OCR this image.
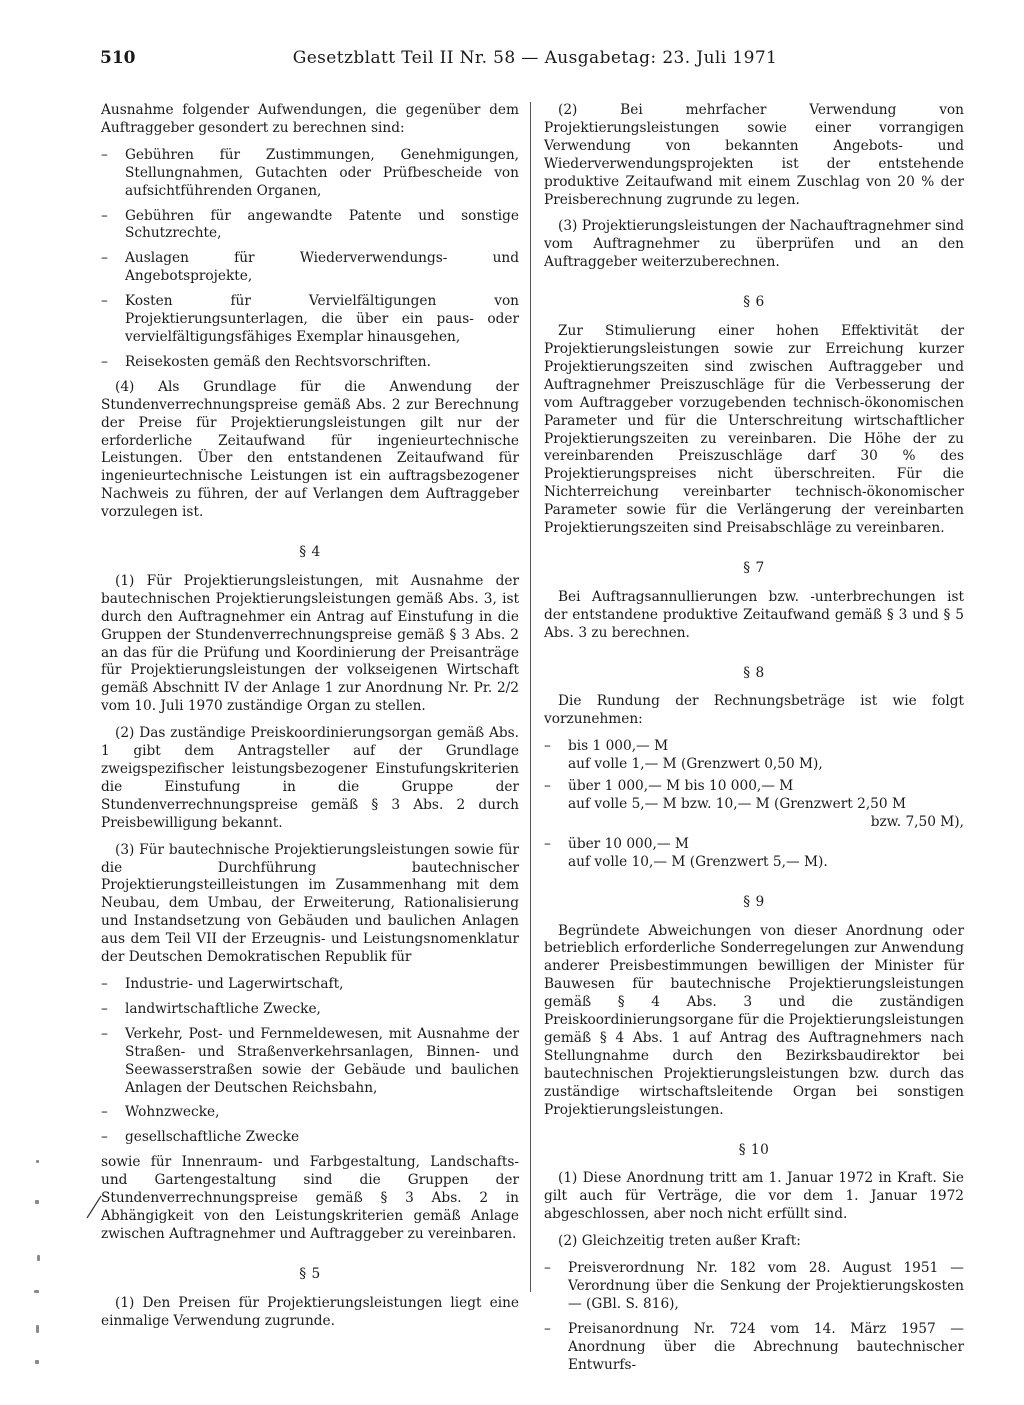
510	Gesetzblatt Teil II Nr. 58 — Ausgabetag: 23. Juli 1971

Ausnahme folgender Aufwendungen, die gegenüber dem Auftraggeber gesondert zu berechnen sind:

– Gebühren für Zustimmungen, Genehmigungen, Stellungnahmen, Gutachten oder Prüfbescheide von aufsichtführenden Organen,
– Gebühren für angewandte Patente und sonstige Schutzrechte,
– Auslagen für Wiederverwendungs- und Angebotsprojekte,
– Kosten für Vervielfältigungen von Projektierungsunterlagen, die über ein paus- oder vervielfältigungsfähiges Exemplar hinausgehen,
– Reisekosten gemäß den Rechtsvorschriften.

(4) Als Grundlage für die Anwendung der Stundenverrechnungspreise gemäß Abs. 2 zur Berechnung der Preise für Projektierungsleistungen gilt nur der erforderliche Zeitaufwand für ingenieurtechnische Leistungen. Über den entstandenen Zeitaufwand für ingenieurtechnische Leistungen ist ein auftragsbezogener Nachweis zu führen, der auf Verlangen dem Auftraggeber vorzulegen ist.

§ 4

(1) Für Projektierungsleistungen, mit Ausnahme der bautechnischen Projektierungsleistungen gemäß Abs. 3, ist durch den Auftragnehmer ein Antrag auf Einstufung in die Gruppen der Stundenverrechnungspreise gemäß § 3 Abs. 2 an das für die Prüfung und Koordinierung der Preisanträge für Projektierungsleistungen der volkseigenen Wirtschaft gemäß Abschnitt IV der Anlage 1 zur Anordnung Nr. Pr. 2/2 vom 10. Juli 1970 zuständige Organ zu stellen.

(2) Das zuständige Preiskoordinierungsorgan gemäß Abs. 1 gibt dem Antragsteller auf der Grundlage zweigspezifischer leistungsbezogener Einstufungskriterien die Einstufung in die Gruppe der Stundenverrechnungspreise gemäß § 3 Abs. 2 durch Preisbewilligung bekannt.

(3) Für bautechnische Projektierungsleistungen sowie für die Durchführung bautechnischer Projektierungsteilleistungen im Zusammenhang mit dem Neubau, dem Umbau, der Erweiterung, Rationalisierung und Instandsetzung von Gebäuden und baulichen Anlagen aus dem Teil VII der Erzeugnis- und Leistungsnomenklatur der Deutschen Demokratischen Republik für

– Industrie- und Lagerwirtschaft,
– landwirtschaftliche Zwecke,
– Verkehr, Post- und Fernmeldewesen, mit Ausnahme der Straßen- und Straßenverkehrsanlagen, Binnen- und Seewasserstraßen sowie der Gebäude und baulichen Anlagen der Deutschen Reichsbahn,
– Wohnzwecke,
– gesellschaftliche Zwecke

sowie für Innenraum- und Farbgestaltung, Landschafts- und Gartengestaltung sind die Gruppen der Stundenverrechnungspreise gemäß § 3 Abs. 2 in Abhängigkeit von den Leistungskriterien gemäß Anlage zwischen Auftragnehmer und Auftraggeber zu vereinbaren.

§ 5

(1) Den Preisen für Projektierungsleistungen liegt eine einmalige Verwendung zugrunde.

(2) Bei mehrfacher Verwendung von Projektierungsleistungen sowie einer vorrangigen Verwendung von bekannten Angebots- und Wiederverwendungsprojekten ist der entstehende produktive Zeitaufwand mit einem Zuschlag von 20 % der Preisberechnung zugrunde zu legen.

(3) Projektierungsleistungen der Nachauftragnehmer sind vom Auftragnehmer zu überprüfen und an den Auftraggeber weiterzuberechnen.

§ 6

Zur Stimulierung einer hohen Effektivität der Projektierungsleistungen sowie zur Erreichung kurzer Projektierungszeiten sind zwischen Auftraggeber und Auftragnehmer Preiszuschläge für die Verbesserung der vom Auftraggeber vorzugebenden technisch-ökonomischen Parameter und für die Unterschreitung wirtschaftlicher Projektierungszeiten zu vereinbaren. Die Höhe der zu vereinbarenden Preiszuschläge darf 30 % des Projektierungspreises nicht überschreiten. Für die Nichterreichung vereinbarter technisch-ökonomischer Parameter sowie für die Verlängerung der vereinbarten Projektierungszeiten sind Preisabschläge zu vereinbaren.

§ 7

Bei Auftragsannullierungen bzw. -unterbrechungen ist der entstandene produktive Zeitaufwand gemäß § 3 und § 5 Abs. 3 zu berechnen.

§ 8

Die Rundung der Rechnungsbeträge ist wie folgt vorzunehmen:

– bis 1 000,— M
auf volle 1,— M (Grenzwert 0,50 M),
– über 1 000,— M bis 10 000,— M
auf volle 5,— M bzw. 10,— M (Grenzwert 2,50 M
bzw. 7,50 M),
– über 10 000,— M
auf volle 10,— M (Grenzwert 5,— M).
§ 9

Begründete Abweichungen von dieser Anordnung oder betrieblich erforderliche Sonderregelungen zur Anwendung anderer Preisbestimmungen bewilligen der Minister für Bauwesen für bautechnische Projektierungsleistungen gemäß § 4 Abs. 3 und die zuständigen Preiskoordinierungsorgane für die Projektierungsleistungen gemäß § 4 Abs. 1 auf Antrag des Auftragnehmers nach Stellungnahme durch den Bezirksbaudirektor bei bautechnischen Projektierungsleistungen bzw. durch das zuständige wirtschaftsleitende Organ bei sonstigen Projektierungsleistungen.

§ 10

(1) Diese Anordnung tritt am 1. Januar 1972 in Kraft. Sie gilt auch für Verträge, die vor dem 1. Januar 1972 abgeschlossen, aber noch nicht erfüllt sind.

(2) Gleichzeitig treten außer Kraft:

– Preisverordnung Nr. 182 vom 28. August 1951 — Verordnung über die Senkung der Projektierungskosten — (GBl. S. 816),
– Preisanordnung Nr. 724 vom 14. März 1957 — Anordnung über die Abrechnung bautechnischer Entwurfs-
